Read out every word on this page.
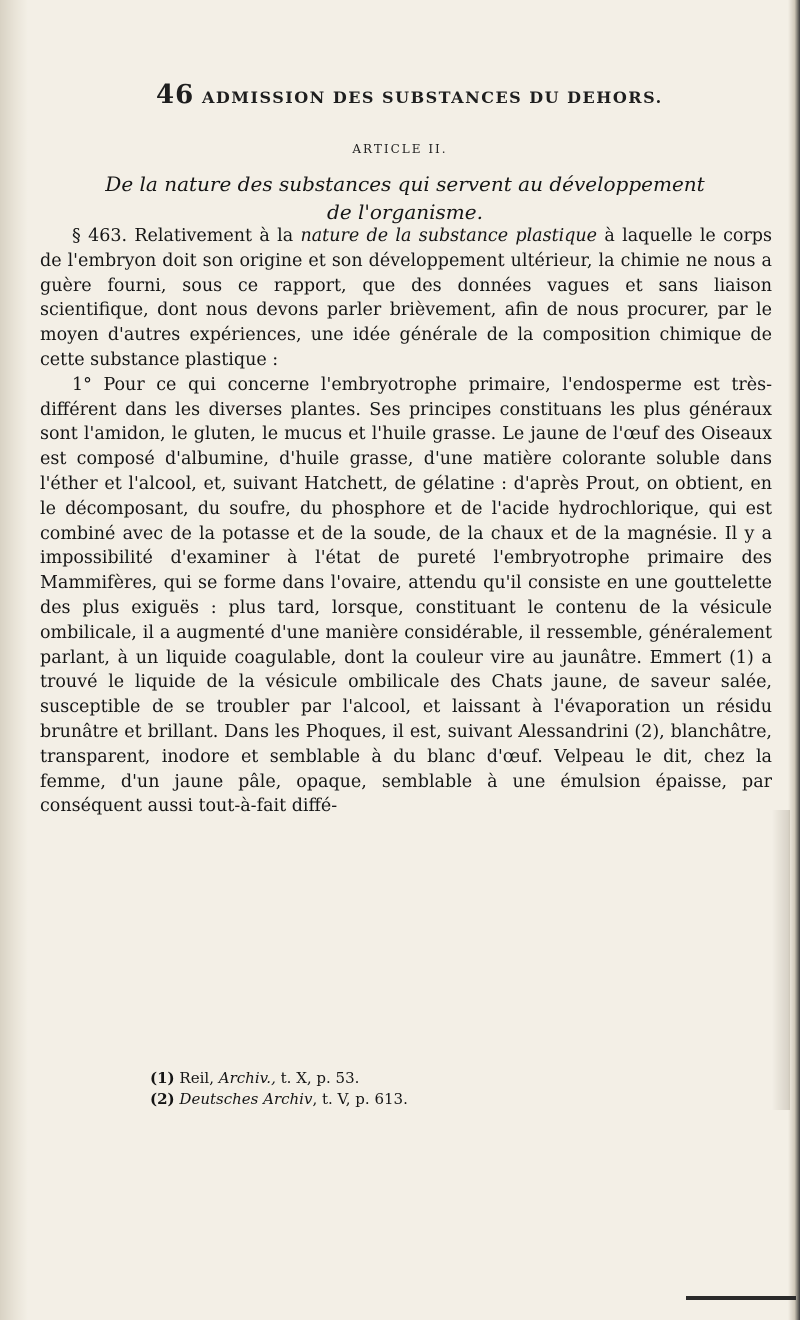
46 ADMISSION DES SUBSTANCES DU DEHORS.
ARTICLE II.
De la nature des substances qui servent au développement
de l'organisme.

§ 463. Relativement à la nature de la substance plastique à laquelle le corps de l'embryon doit son origine et son développement ultérieur, la chimie ne nous a guère fourni, sous ce rapport, que des données vagues et sans liaison scientifique, dont nous devons parler brièvement, afin de nous procurer, par le moyen d'autres expériences, une idée générale de la composition chimique de cette substance plastique :

1° Pour ce qui concerne l'embryotrophe primaire, l'endosperme est très-différent dans les diverses plantes. Ses principes constituans les plus généraux sont l'amidon, le gluten, le mucus et l'huile grasse. Le jaune de l'œuf des Oiseaux est composé d'albumine, d'huile grasse, d'une matière colorante soluble dans l'éther et l'alcool, et, suivant Hatchett, de gélatine : d'après Prout, on obtient, en le décomposant, du soufre, du phosphore et de l'acide hydrochlorique, qui est combiné avec de la potasse et de la soude, de la chaux et de la magnésie. Il y a impossibilité d'examiner à l'état de pureté l'embryotrophe primaire des Mammifères, qui se forme dans l'ovaire, attendu qu'il consiste en une gouttelette des plus exiguës : plus tard, lorsque, constituant le contenu de la vésicule ombilicale, il a augmenté d'une manière considérable, il ressemble, généralement parlant, à un liquide coagulable, dont la couleur vire au jaunâtre. Emmert (1) a trouvé le liquide de la vésicule ombilicale des Chats jaune, de saveur salée, susceptible de se troubler par l'alcool, et laissant à l'évaporation un résidu brunâtre et brillant. Dans les Phoques, il est, suivant Alessandrini (2), blanchâtre, transparent, inodore et semblable à du blanc d'œuf. Velpeau le dit, chez la femme, d'un jaune pâle, opaque, semblable à une émulsion épaisse, par conséquent aussi tout-à-fait diffé-

(1) Reil, Archiv., t. X, p. 53.
(2) Deutsches Archiv, t. V, p. 613.
